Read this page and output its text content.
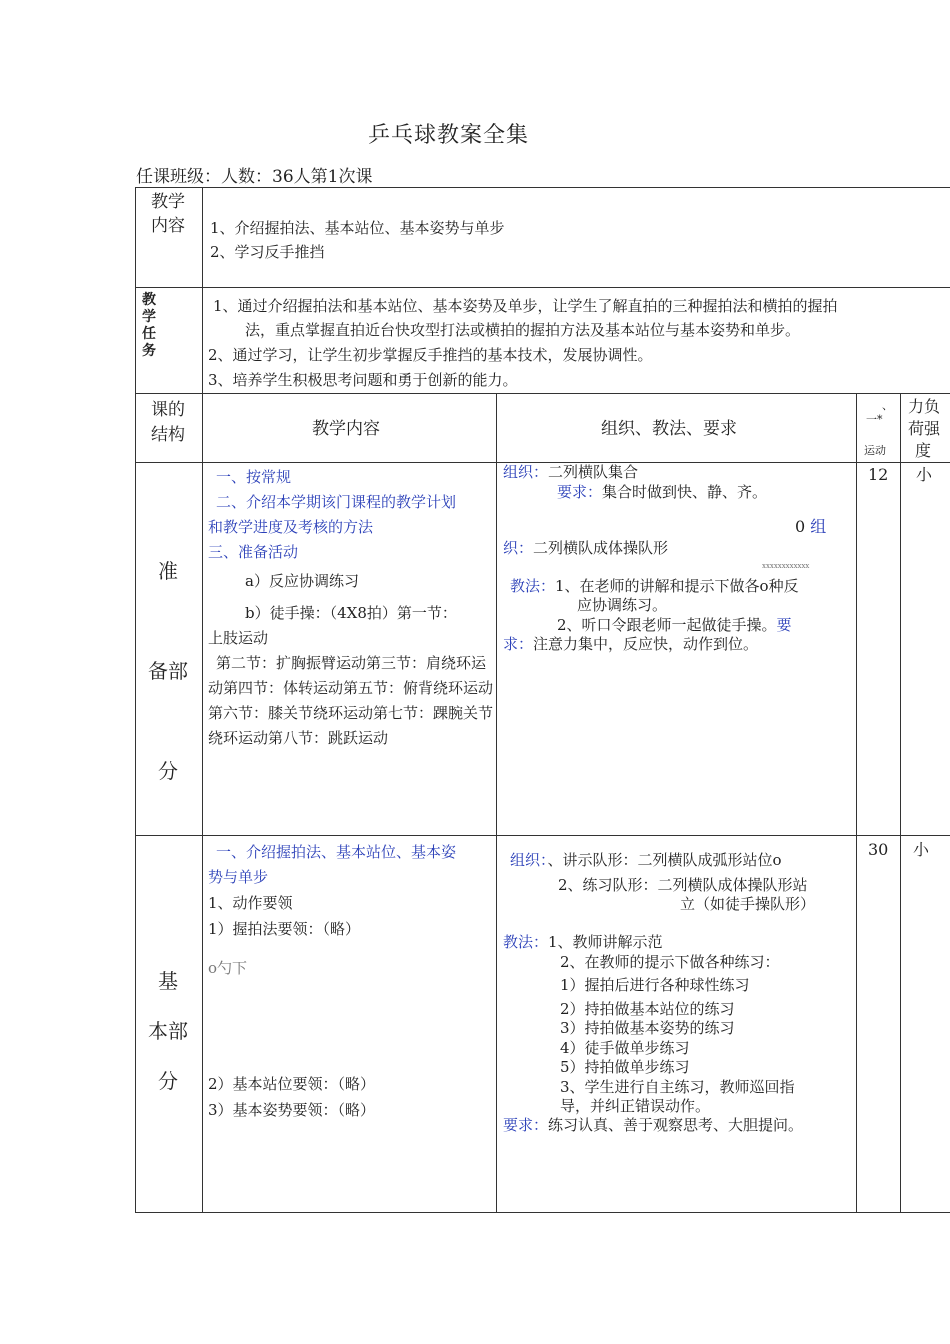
乒乓球教案全集
任课班级：人数：36人第1次课
教学
内容 1、介绍握拍法、基本站位、基本姿势与单步
2、学习反手推挡
教学任务
1、通过介绍握拍法和基本站位、基本姿势及单步，让学生了解直拍的三种握拍法和横拍的握拍
法，重点掌握直拍近台快攻型打法或横拍的握拍方法及基本站位与基本姿势和单步。
2、通过学习，让学生初步掌握反手推挡的基本技术，发展协调性。
3、培养学生积极思考问题和勇于创新的能力。
课的
结构	教学内容	组织、教法、要求
、
一*
运动
力负
荷强
度
准
备部
分
一、按常规
二、介绍本学期该门课程的教学计划
和教学进度及考核的方法
三、准备活动
a）反应协调练习
b）徒手操：（4X8拍）第一节：
上肢运动
第二节：扩胸振臂运动第三节：肩绕环运动第四节：体转运动第五节：俯背绕环运动第六节：膝关节绕环运动第七节：踝腕关节绕环运动第八节：跳跃运动
组织：二列横队集合
要求：集合时做到快、静、齐。
0 组
织：二列横队成体操队形
xxxxxxxxxxxx
教法：1、在老师的讲解和提示下做各o种反
应协调练习。
2、听口令跟老师一起做徒手操。要
求：注意力集中，反应快，动作到位。
12 小
基
本部
分
一、介绍握拍法、基本站位、基本姿
势与单步
1、动作要领
1）握拍法要领：（略）
o勺下
2）基本站位要领：（略）
3）基本姿势要领：（略）
组织：、讲示队形：二列横队成弧形站位o
2、练习队形：二列横队成体操队形站
立（如徒手操队形）
教法：1、教师讲解示范
2、在教师的提示下做各种练习：
1）握拍后进行各种球性练习
2）持拍做基本站位的练习
3）持拍做基本姿势的练习
4）徒手做单步练习
5）持拍做单步练习
3、学生进行自主练习，教师巡回指
导，并纠正错误动作。
要求：练习认真、善于观察思考、大胆提问。
30 小
